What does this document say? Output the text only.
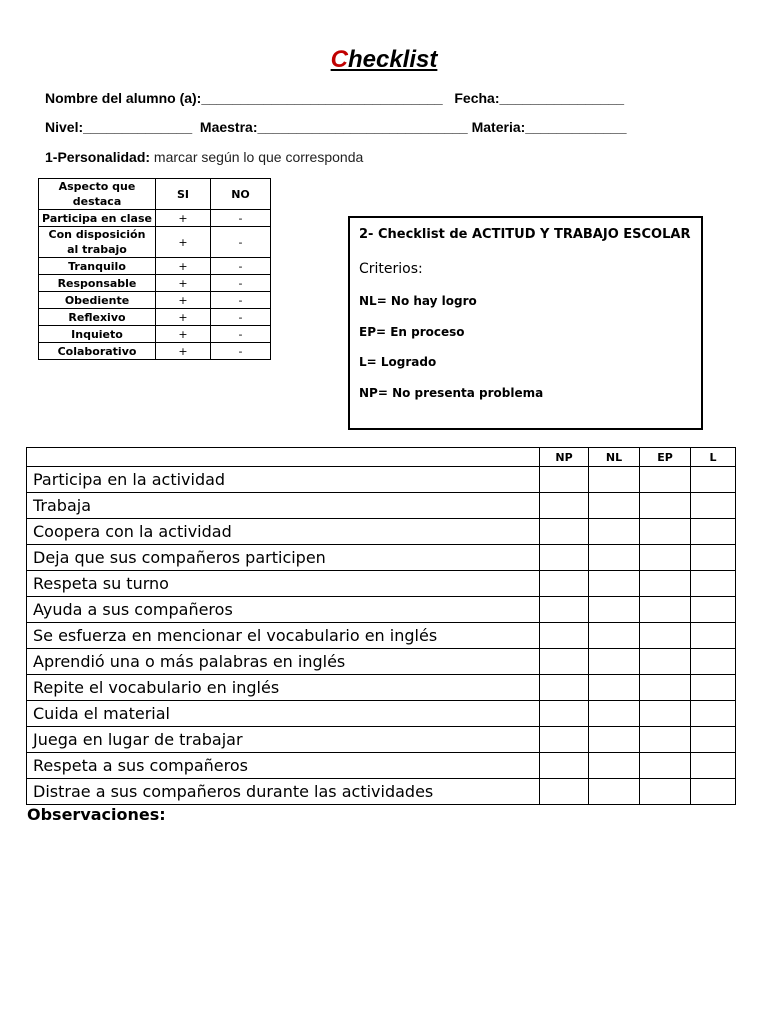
Checklist
Nombre del alumno (a):_______________________________   Fecha:________________
Nivel:______________  Maestra:___________________________ Materia:_____________
1-Personalidad: marcar según lo que corresponda
Aspecto que destaca	SI	NO
Participa en clase	+	-
Con disposición al trabajo	+	-
Tranquilo	+	-
Responsable	+	-
Obediente	+	-
Reflexivo	+	-
Inquieto	+	-
Colaborativo	+	-
2- Checklist de ACTITUD Y TRABAJO ESCOLAR
Criterios:
NL= No hay logro
EP= En proceso
L= Logrado
NP= No presenta problema
	NP	NL	EP	L
Participa en la actividad				
Trabaja				
Coopera con la actividad				
Deja que sus compañeros participen				
Respeta su turno				
Ayuda a sus compañeros				
Se esfuerza en mencionar el vocabulario en inglés				
Aprendió una o más palabras en inglés				
Repite el vocabulario en inglés				
Cuida el material				
Juega en lugar de trabajar				
Respeta a sus compañeros				
Distrae a sus compañeros durante las actividades				
Observaciones:
